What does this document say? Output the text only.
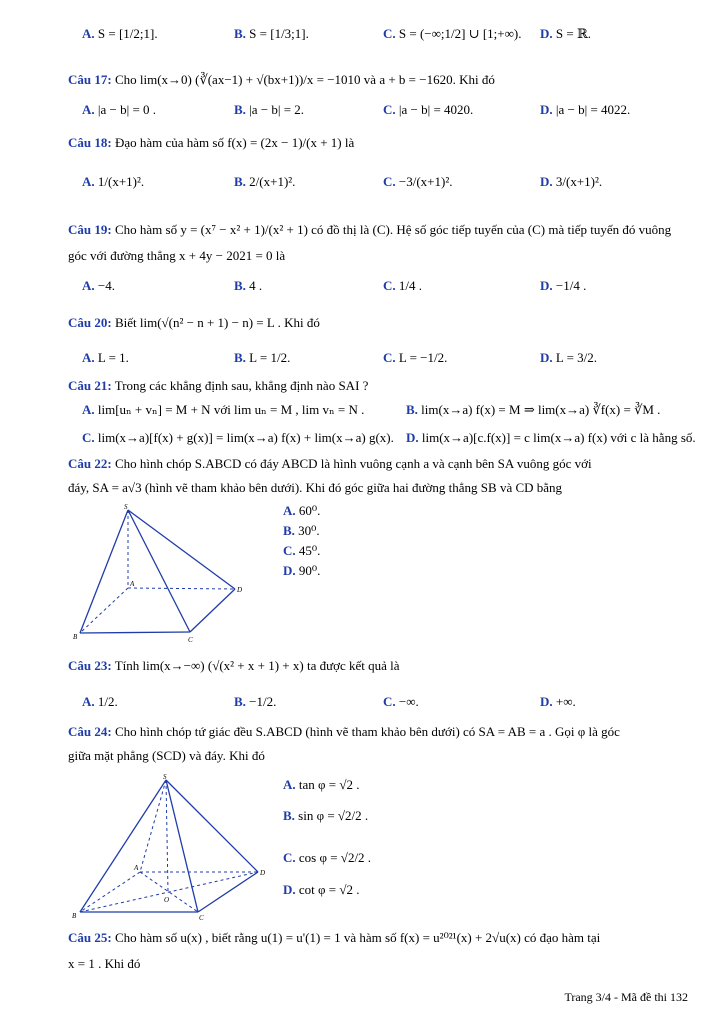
A. S = [1/2;1].	B. S = [1/3;1].	C. S = (−∞;1/2] ∪ [1;+∞). D. S = ℝ.
Câu 17: Cho lim(x→0) (∛(ax−1) + √(bx+1))/x = −1010 và a + b = −1620. Khi đó
A. |a − b| = 0 .	B. |a − b| = 2.	C. |a − b| = 4020.	D. |a − b| = 4022.
Câu 18: Đạo hàm của hàm số f(x) = (2x − 1)/(x + 1) là
A. 1/(x+1)².	B. 2/(x+1)².	C. −3/(x+1)².	D. 3/(x+1)².
Câu 19: Cho hàm số y = (x⁷ − x² + 1)/(x² + 1) có đồ thị là (C). Hệ số góc tiếp tuyến của (C) mà tiếp tuyến đó vuông
góc với đường thẳng x + 4y − 2021 = 0 là
A. −4.	B. 4 .	C. 1/4 .	D. −1/4 .
Câu 20: Biết lim(√(n² − n + 1) − n) = L . Khi đó
A. L = 1.	B. L = 1/2.	C. L = −1/2.	D. L = 3/2.
Câu 21: Trong các khẳng định sau, khẳng định nào SAI ?
A. lim[uₙ + vₙ] = M + N với lim uₙ = M , lim vₙ = N .	B. lim(x→a) f(x) = M ⇒ lim(x→a) ∛f(x) = ∛M .
C. lim(x→a)[f(x) + g(x)] = lim(x→a) f(x) + lim(x→a) g(x). D. lim(x→a)[c.f(x)] = c lim(x→a) f(x) với c là hằng số.
Câu 22: Cho hình chóp S.ABCD có đáy ABCD là hình vuông cạnh a và cạnh bên SA vuông góc với
đáy, SA = a√3 (hình vẽ tham khảo bên dưới). Khi đó góc giữa hai đường thẳng SB và CD bằng
A. 60⁰.
B. 30⁰.
C. 45⁰.
D. 90⁰.
S
A
B	C
D
Câu 23: Tính lim(x→−∞) (√(x² + x + 1) + x) ta được kết quả là
A. 1/2.	B. −1/2.	C. −∞.	D. +∞.
Câu 24: Cho hình chóp tứ giác đều S.ABCD (hình vẽ tham khảo bên dưới) có SA = AB = a . Gọi φ là góc
giữa mặt phẳng (SCD) và đáy. Khi đó
A. tan φ = √2 .
B. sin φ = √2/2 .
C. cos φ = √2/2 .
D. cot φ = √2 .
S
A
B	C
D
O
Câu 25: Cho hàm số u(x) , biết rằng u(1) = u'(1) = 1 và hàm số f(x) = u²⁰²¹(x) + 2√u(x) có đạo hàm tại
x = 1 . Khi đó
Trang 3/4 - Mã đề thi 132
